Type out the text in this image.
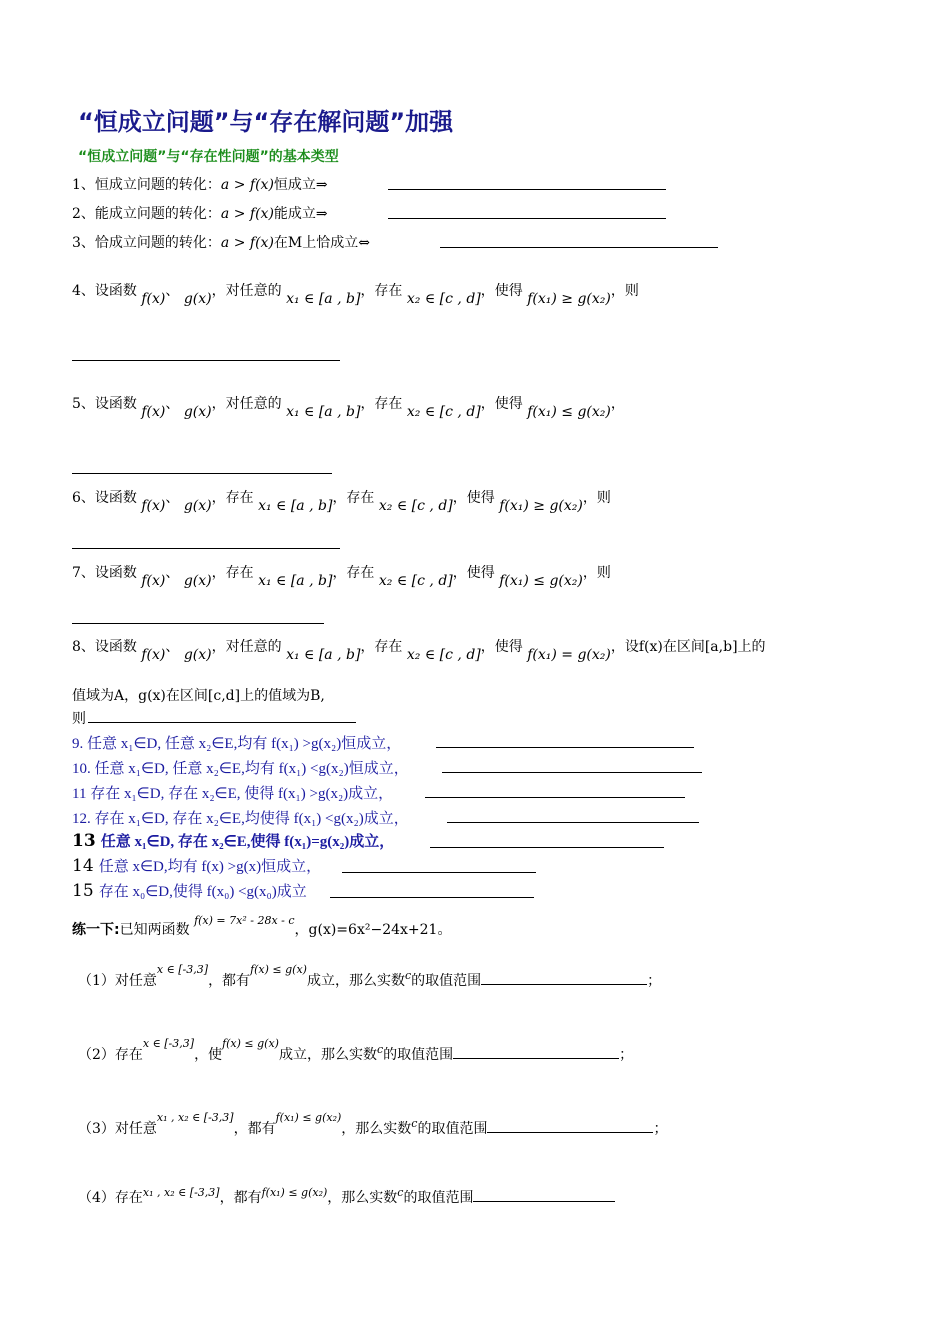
“恒成立问题”与“存在解问题”加强
“恒成立问题”与“存在性问题”的基本类型
1、恒成立问题的转化：a > f(x)恒成立⇒
2、能成立问题的转化：a > f(x)能成立⇒
3、恰成立问题的转化：a > f(x)在M上恰成立⇔
4、设函数 f(x)、 g(x)，对任意的 x₁ ∈ [a , b]，存在 x₂ ∈ [c , d]，使得 f(x₁) ≥ g(x₂)，则
5、设函数 f(x)、 g(x)，对任意的 x₁ ∈ [a , b]，存在 x₂ ∈ [c , d]，使得 f(x₁) ≤ g(x₂)，
6、设函数 f(x)、 g(x)，存在 x₁ ∈ [a , b]，存在 x₂ ∈ [c , d]，使得 f(x₁) ≥ g(x₂)，则
7、设函数 f(x)、 g(x)，存在 x₁ ∈ [a , b]，存在 x₂ ∈ [c , d]，使得 f(x₁) ≤ g(x₂)，则
8、设函数 f(x)、 g(x)，对任意的 x₁ ∈ [a , b]，存在 x₂ ∈ [c , d]，使得 f(x₁) = g(x₂)，设f(x)在区间[a,b]上的
值域为A，g(x)在区间[c,d]上的值域为B,
则
9. 任意 x₁∈D, 任意 x₂∈E,均有 f(x₁) >g(x₂)恒成立，
10. 任意 x₁∈D, 任意 x₂∈E,均有 f(x₁) <g(x₂)恒成立，
11 存在 x₁∈D, 存在 x₂∈E, 使得 f(x₁) >g(x₂)成立，
12. 存在 x₁∈D, 存在 x₂∈E,均使得 f(x₁) <g(x₂)成立，
13 任意 x₁∈D, 存在 x₂∈E,使得 f(x₁)=g(x₂)成立，
14 任意 x∈D,均有 f(x) >g(x)恒成立，
15 存在 x₀∈D,使得 f(x₀) <g(x₀)成立
练一下:已知两函数 $^{f(x) = 7x^2 - 28x - c}$，g(x)=6x²−24x+21。
（1）对任意$^{x \in [-3,3]}$，都有$^{f(x) \le g(x)}$成立，那么实数$^c$的取值范围	；
（2）存在$^{x \in [-3,3]}$，使$^{f(x) \le g(x)}$成立，那么实数$^c$的取值范围	；
（3）对任意$^{x_1 , x_2 \in [-3,3]}$，都有$^{f(x_1) \le g(x_2)}$，那么实数$^c$的取值范围	；
（4）存在$^{x_1 , x_2 \in [-3,3]}$，都有$^{f(x_1) \le g(x_2)}$，那么实数$^c$的取值范围
